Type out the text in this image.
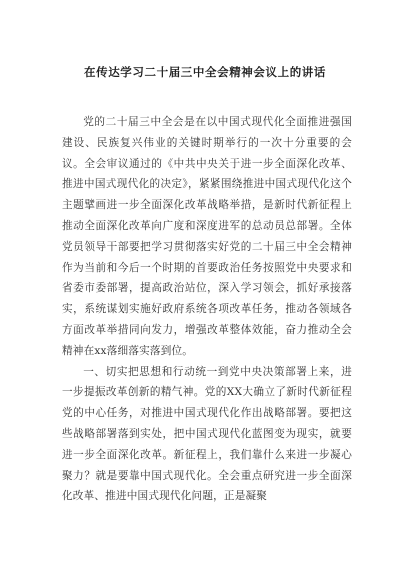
在传达学习二十届三中全会精神会议上的讲话

党的二十届三中全会是在以中国式现代化全面推进强国建设、民族复兴伟业的关键时期举行的一次十分重要的会议。全会审议通过的《中共中央关于进一步全面深化改革、推进中国式现代化的决定》，紧紧围绕推进中国式现代化这个主题擘画进一步全面深化改革战略举措，是新时代新征程上推动全面深化改革向广度和深度进军的总动员总部署。全体党员领导干部要把学习贯彻落实好党的二十届三中全会精神作为当前和今后一个时期的首要政治任务按照党中央要求和省委市委部署，提高政治站位，深入学习领会，抓好承接落实，系统谋划实施好政府系统各项改革任务，推动各领域各方面改革举措同向发力，增强改革整体效能，奋力推动全会精神在xx落细落实落到位。

一、切实把思想和行动统一到党中央决策部署上来，进一步提振改革创新的精气神。党的XX大确立了新时代新征程党的中心任务，对推进中国式现代化作出战略部署。要把这些战略部署落到实处，把中国式现代化蓝图变为现实，就要进一步全面深化改革。新征程上，我们靠什么来进一步凝心聚力？就是要靠中国式现代化。全会重点研究进一步全面深化改革、推进中国式现代化问题，正是凝聚
